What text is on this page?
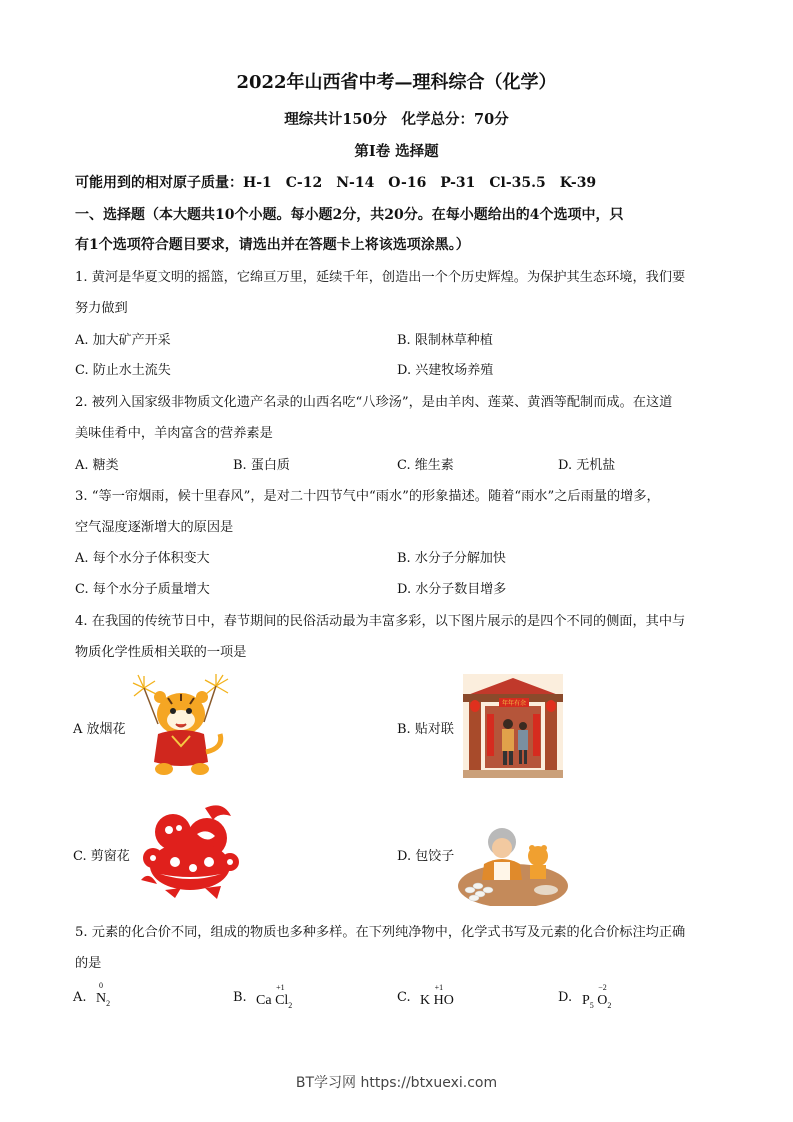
2022年山西省中考—理科综合（化学）
理综共计150分　化学总分：70分
第Ⅰ卷 选择题
可能用到的相对原子质量：H-1　C-12　N-14　O-16　P-31　Cl-35.5　K-39
一、选择题（本大题共10个小题。每小题2分，共20分。在每小题给出的4个选项中，只
有1个选项符合题目要求，请选出并在答题卡上将该选项涂黑。）
1. 黄河是华夏文明的摇篮，它绵亘万里，延续千年，创造出一个个历史辉煌。为保护其生态环境，我们要
努力做到
A. 加大矿产开采	B. 限制林草种植
C. 防止水土流失	D. 兴建牧场养殖
2. 被列入国家级非物质文化遗产名录的山西名吃“八珍汤”，是由羊肉、莲菜、黄酒等配制而成。在这道
美味佳肴中，羊肉富含的营养素是
A. 糖类	B. 蛋白质	C. 维生素	D. 无机盐
3. “等一帘烟雨，候十里春风”，是对二十四节气中“雨水”的形象描述。随着“雨水”之后雨量的增多，
空气湿度逐渐增大的原因是
A. 每个水分子体积变大	B. 水分子分解加快
C. 每个水分子质量增大	D. 水分子数目增多
4. 在我国的传统节日中，春节期间的民俗活动最为丰富多彩，以下图片展示的是四个不同的侧面，其中与
物质化学性质相关联的一项是
A 放烟花	B. 贴对联
C. 剪窗花	D. 包饺子
年年有余
5. 元素的化合价不同，组成的物质也多种多样。在下列纯净物中，化学式书写及元素的化合价标注均正确
的是
A.
0
$N_2$	B. Ca
+1
$Cl_2$
C. K
+1
HO	D. $P_5$
−2
$O_2$
BT学习网 https://btxuexi.com
